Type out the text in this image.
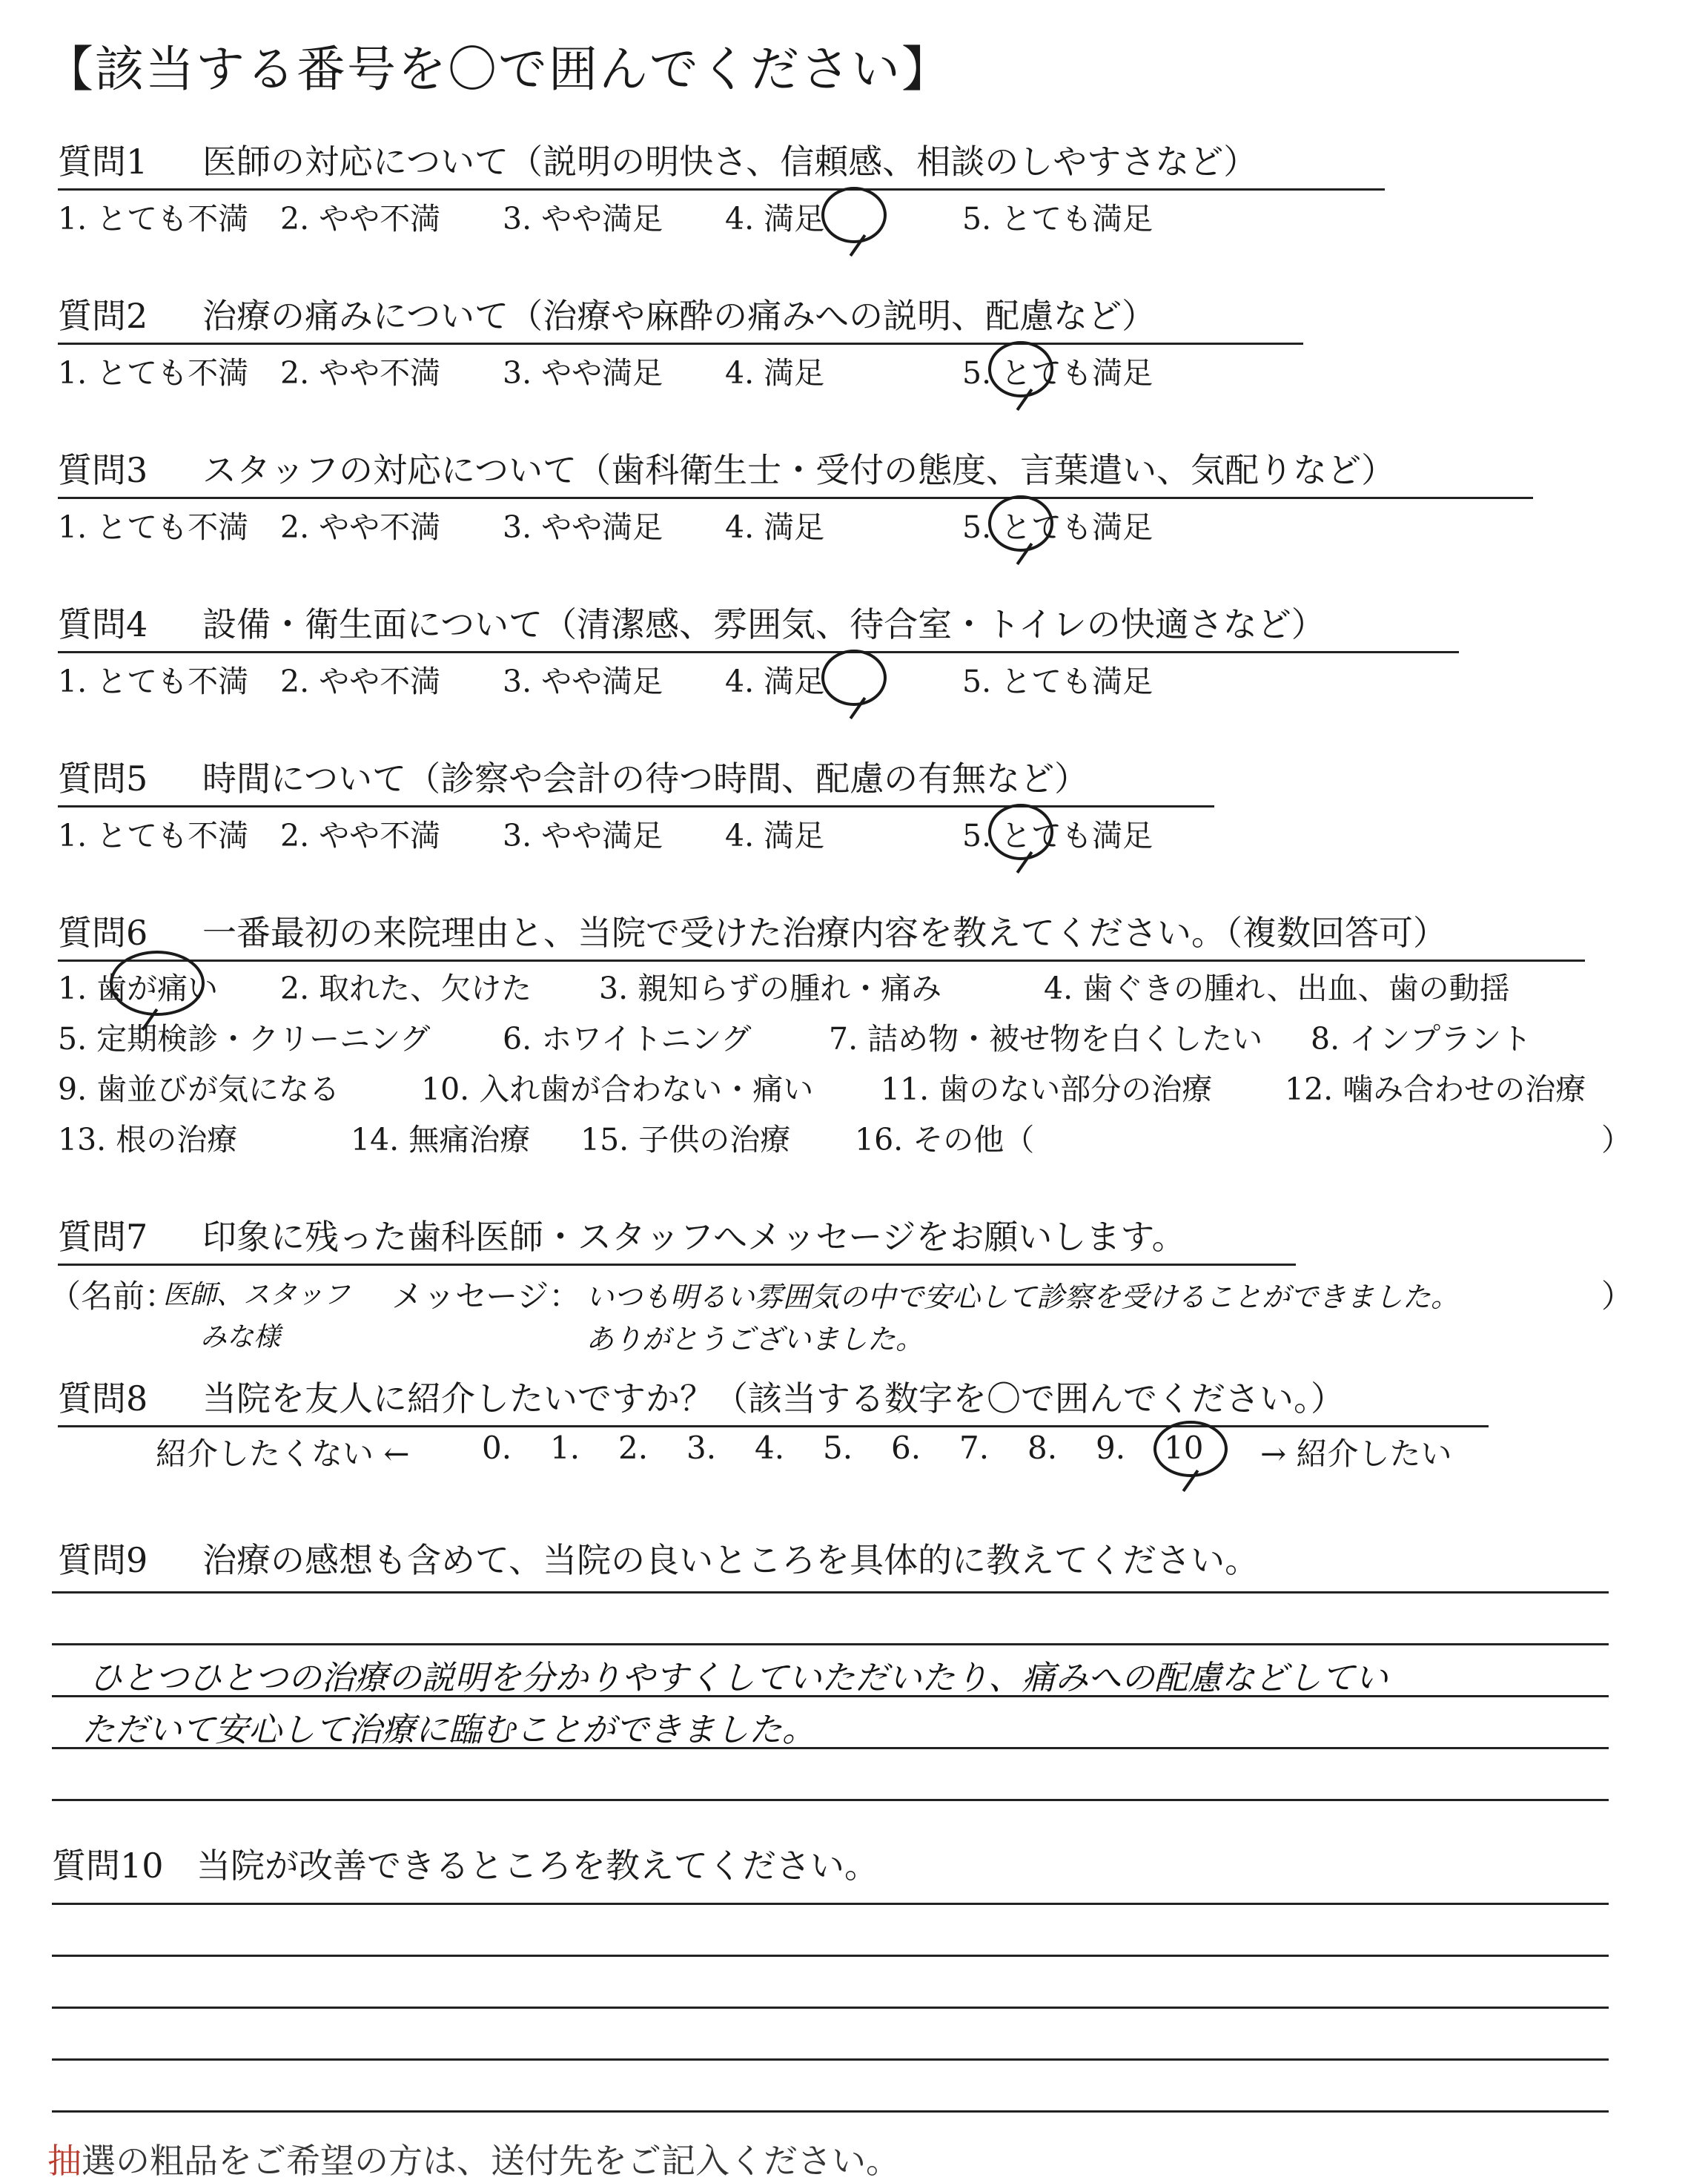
【該当する番号を〇で囲んでください】
質問1 医師の対応について（説明の明快さ、信頼感、相談のしやすさなど）
1. とても不満 2. やや不満 3. やや満足 4. 満足	5. とても満足
質問2 治療の痛みについて（治療や麻酔の痛みへの説明、配慮など）
1. とても不満 2. やや不満 3. やや満足 4. 満足	5. とても満足
質問3 スタッフの対応について（歯科衛生士・受付の態度、言葉遣い、気配りなど）
1. とても不満 2. やや不満 3. やや満足 4. 満足	5. とても満足
質問4 設備・衛生面について（清潔感、雰囲気、待合室・トイレの快適さなど）
1. とても不満 2. やや不満 3. やや満足 4. 満足	5. とても満足
質問5 時間について（診察や会計の待つ時間、配慮の有無など）
1. とても不満 2. やや不満 3. やや満足 4. 満足	5. とても満足
質問6 一番最初の来院理由と、当院で受けた治療内容を教えてください。（複数回答可）
1. 歯が痛い 2. 取れた、欠けた 3. 親知らずの腫れ・痛み	4. 歯ぐきの腫れ、出血、歯の動揺
5. 定期検診・クリーニング 6. ホワイトニング	7. 詰め物・被せ物を白くしたい 8. インプラント
9. 歯並びが気になる	10. 入れ歯が合わない・痛い 11. 歯のない部分の治療 12. 噛み合わせの治療
13. 根の治療	14. 無痛治療 15. 子供の治療 16. その他（	）
質問7 印象に残った歯科医師・スタッフへメッセージをお願いします。
（名前：
医師、スタッフ
みな様
メッセージ： いつも明るい雰囲気の中で安心して診察を受けることができました。
ありがとうございました。
）
質問8 当院を友人に紹介したいですか？（該当する数字を〇で囲んでください。）
紹介したくない ← 0. 1. 2. 3. 4. 5. 6. 7. 8. 9. 10 → 紹介したい
質問9 治療の感想も含めて、当院の良いところを具体的に教えてください。
ひとつひとつの治療の説明を分かりやすくしていただいたり、痛みへの配慮などしてい
ただいて安心して治療に臨むことができました。
質問10 当院が改善できるところを教えてください。
抽選の粗品をご希望の方は、送付先をご記入ください。
